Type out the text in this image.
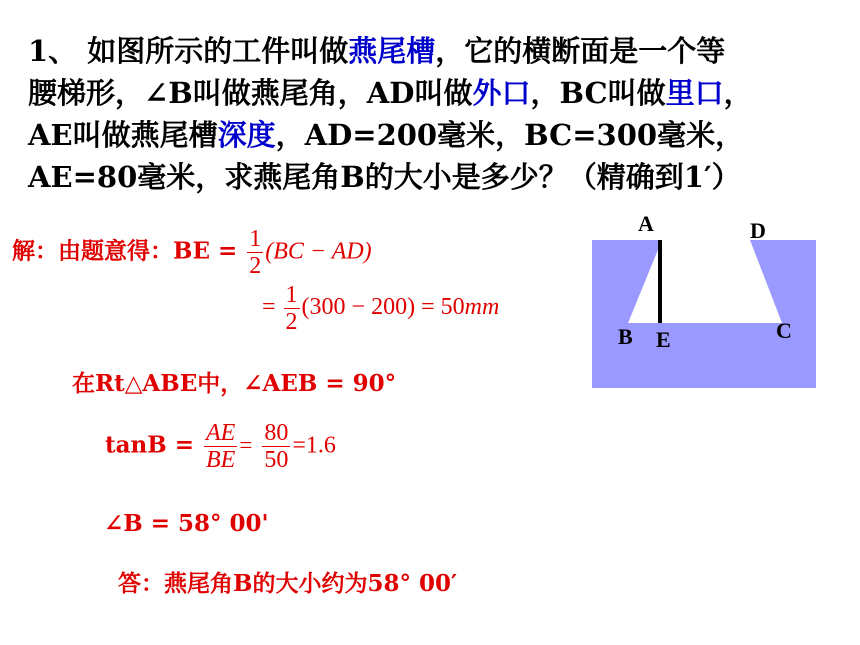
1、 如图所示的工件叫做燕尾槽，它的横断面是一个等
腰梯形，∠B叫做燕尾角，AD叫做外口，BC叫做里口，
AE叫做燕尾槽深度，AD=200毫米，BC=300毫米，
AE=80毫米，求燕尾角B的大小是多少？（精确到1′）
解：由题意得：BE = $\frac{1}{2} (BC - AD)$
= $\frac{1}{2} (300 - 200) = 50mm$
在Rt△ABE中，∠AEB = 90°
$\tan B = \frac{AE}{BE} = \frac{80}{50} =1.6$
∠B = 58° 00'
答：燕尾角B的大小约为58° 00′
A	D
B E	C
